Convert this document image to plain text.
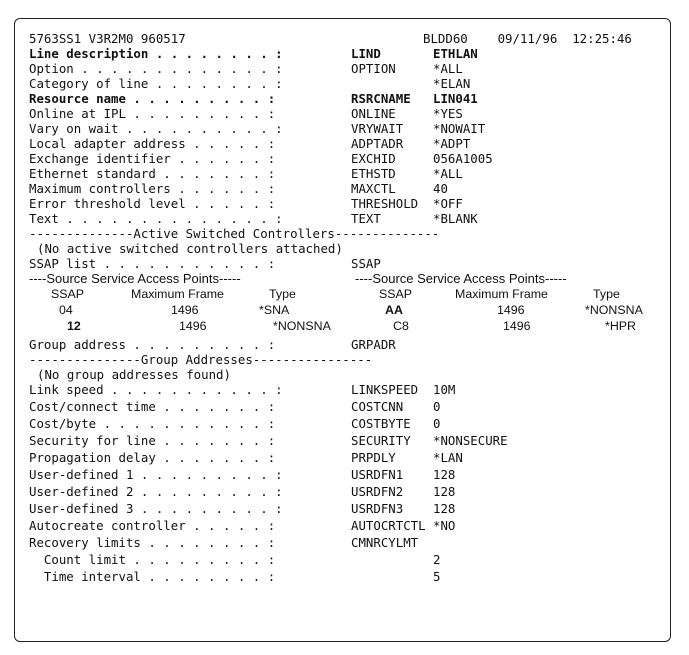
5763SS1 V3R2M0 960517	BLDD60    09/11/96  12:25:46
Line description . . . . . . . . :	LIND	ETHLAN
Option . . . . . . . . . . . . . :	OPTION	*ALL
Category of line . . . . . . . . :	*ELAN
Resource name . . . . . . . . . :	RSRCNAME LIN041
Online at IPL . . . . . . . . . :	ONLINE	*YES
Vary on wait . . . . . . . . . . :	VRYWAIT *NOWAIT
Local adapter address . . . . . :	ADPTADR *ADPT
Exchange identifier . . . . . . :	EXCHID	056A1005
Ethernet standard . . . . . . . :	ETHSTD	*ALL
Maximum controllers . . . . . . :	MAXCTL	40
Error threshold level . . . . . :	THRESHOLD *OFF
Text . . . . . . . . . . . . . . :	TEXT	*BLANK
--------------Active Switched Controllers--------------
(No active switched controllers attached)
SSAP list . . . . . . . . . . . :	SSAP
----Source Service Access Points-----	----Source Service Access Points-----
SSAP	Maximum Frame	Type	SSAP	Maximum Frame	Type
04	1496	*SNA	AA	1496	*NONSNA
12	1496	*NONSNA	C8	1496	*HPR
Group address . . . . . . . . . :	GRPADR
---------------Group Addresses----------------
(No group addresses found)
Link speed . . . . . . . . . . . :	LINKSPEED 10M
Cost/connect time . . . . . . . :	COSTCNN 0
Cost/byte . . . . . . . . . . . :	COSTBYTE 0
Security for line . . . . . . . :	SECURITY *NONSECURE
Propagation delay . . . . . . . :	PRPDLY	*LAN
User-defined 1 . . . . . . . . . :	USRDFN1 128
User-defined 2 . . . . . . . . . :	USRDFN2 128
User-defined 3 . . . . . . . . . :	USRDFN3 128
Autocreate controller . . . . . :	AUTOCRTCTL *NO
Recovery limits . . . . . . . . :	CMNRCYLMT
Count limit . . . . . . . . . :	2
Time interval . . . . . . . . :	5
